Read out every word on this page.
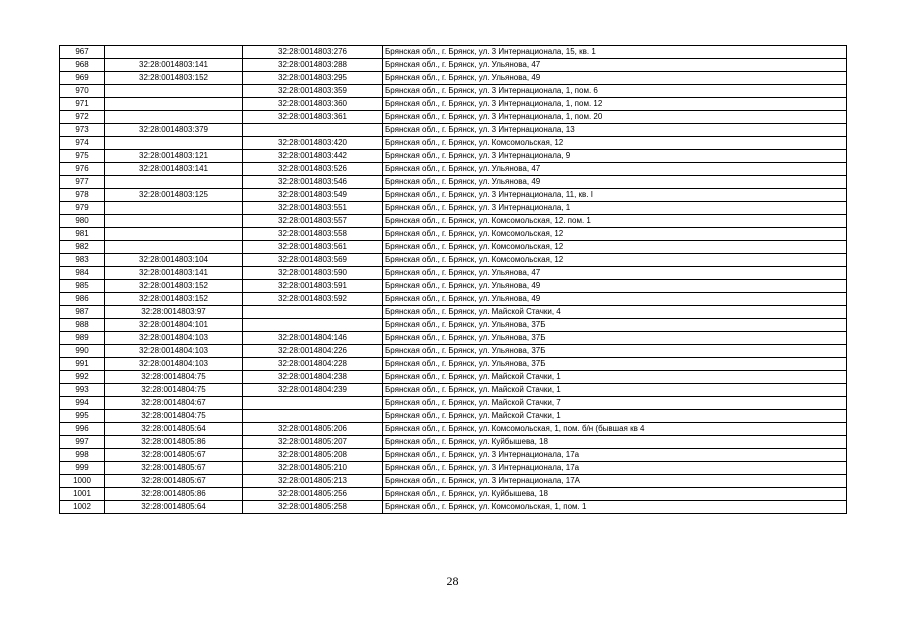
967		32:28:0014803:276	Брянская обл., г. Брянск, ул. 3 Интернационала, 15, кв. 1
968	32:28:0014803:141	32:28:0014803:288	Брянская обл., г. Брянск, ул. Ульянова, 47
969	32:28:0014803:152	32:28:0014803:295	Брянская обл., г. Брянск, ул. Ульянова, 49
970		32:28:0014803:359	Брянская обл., г. Брянск, ул. 3 Интернационала, 1, пом. 6
971		32:28:0014803:360	Брянская обл., г. Брянск, ул. 3 Интернационала, 1, пом. 12
972		32:28:0014803:361	Брянская обл., г. Брянск, ул. 3 Интернационала, 1, пом. 20
973	32:28:0014803:379		Брянская обл., г. Брянск, ул. 3 Интернационала, 13
974		32:28:0014803:420	Брянская обл., г. Брянск, ул. Комсомольская, 12
975	32:28:0014803:121	32:28:0014803:442	Брянская обл., г. Брянск, ул. 3 Интернационала, 9
976	32:28:0014803:141	32:28:0014803:526	Брянская обл., г. Брянск, ул. Ульянова, 47
977		32:28:0014803:546	Брянская обл., г. Брянск, ул. Ульянова, 49
978	32:28:0014803:125	32:28:0014803:549	Брянская обл., г. Брянск, ул. 3 Интернационала, 11, кв. I
979		32:28:0014803:551	Брянская обл., г. Брянск, ул. 3 Интернационала, 1
980		32:28:0014803:557	Брянская обл., г. Брянск, ул. Комсомольская, 12. пом. 1
981		32:28:0014803:558	Брянская обл., г. Брянск, ул. Комсомольская, 12
982		32:28:0014803:561	Брянская обл., г. Брянск, ул. Комсомольская, 12
983	32:28:0014803:104	32:28:0014803:569	Брянская обл., г. Брянск, ул. Комсомольская, 12
984	32:28:0014803:141	32:28:0014803:590	Брянская обл., г. Брянск, ул. Ульянова, 47
985	32:28:0014803:152	32:28:0014803:591	Брянская обл., г. Брянск, ул. Ульянова, 49
986	32:28:0014803:152	32:28:0014803:592	Брянская обл., г. Брянск, ул. Ульянова, 49
987	32:28:0014803:97		Брянская обл., г. Брянск, ул. Майской Стачки, 4
988	32:28:0014804:101		Брянская обл., г. Брянск, ул. Ульянова, 37Б
989	32:28:0014804:103	32:28:0014804:146	Брянская обл., г. Брянск, ул. Ульянова, 37Б
990	32:28:0014804:103	32:28:0014804:226	Брянская обл., г. Брянск, ул. Ульянова, 37Б
991	32:28:0014804:103	32:28:0014804:228	Брянская обл., г. Брянск, ул. Ульянова, 37Б
992	32:28:0014804:75	32:28:0014804:238	Брянская обл., г. Брянск, ул. Майской Стачки, 1
993	32:28:0014804:75	32:28:0014804:239	Брянская обл., г. Брянск, ул. Майской Стачки, 1
994	32:28:0014804:67		Брянская обл., г. Брянск, ул. Майской Стачки, 7
995	32:28:0014804:75		Брянская обл., г. Брянск, ул. Майской Стачки, 1
996	32:28:0014805:64	32:28:0014805:206	Брянская обл., г. Брянск, ул. Комсомольская, 1, пом. б/н (бывшая кв 4
997	32:28:0014805:86	32:28:0014805:207	Брянская обл., г. Брянск, ул. Куйбышева, 18
998	32:28:0014805:67	32:28:0014805:208	Брянская обл., г. Брянск, ул. 3 Интернационала, 17а
999	32:28:0014805:67	32:28:0014805:210	Брянская обл., г. Брянск, ул. 3 Интернационала, 17а
1000	32:28:0014805:67	32:28:0014805:213	Брянская обл., г. Брянск, ул. 3 Интернационала, 17А
1001	32:28:0014805:86	32:28:0014805:256	Брянская обл., г. Брянск, ул. Куйбышева, 18
1002	32:28:0014805:64	32:28:0014805:258	Брянская обл., г. Брянск, ул. Комсомольская, 1, пом. 1
28
